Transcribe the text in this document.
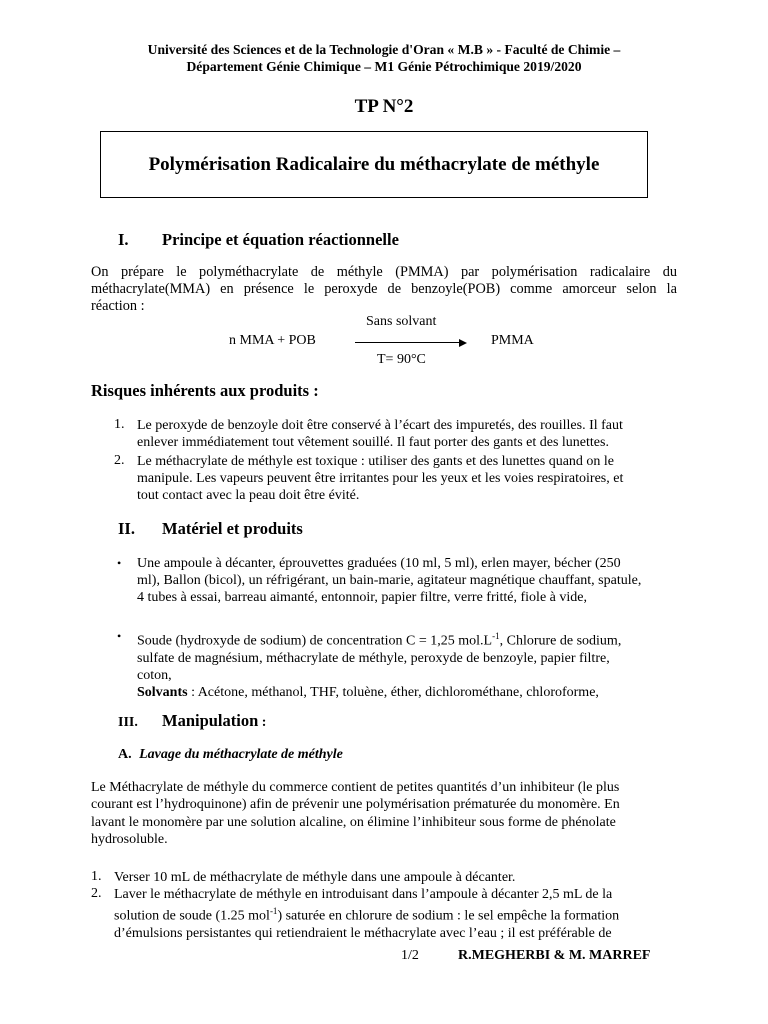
Université des Sciences et de la Technologie d'Oran « M.B » - Faculté de Chimie –
Département Génie Chimique – M1 Génie Pétrochimique 2019/2020
TP N°2
Polymérisation Radicalaire du méthacrylate de méthyle
I. Principe et équation réactionnelle
On prépare le polyméthacrylate de méthyle (PMMA) par polymérisation radicalaire du
méthacrylate(MMA) en présence le peroxyde de benzoyle(POB) comme amorceur selon la
réaction :
Sans solvant
n MMA + POB	PMMA
T= 90°C
Risques inhérents aux produits :
1. Le peroxyde de benzoyle doit être conservé à l’écart des impuretés, des rouilles. Il faut
enlever immédiatement tout vêtement souillé. Il faut porter des gants et des lunettes.
2. Le méthacrylate de méthyle est toxique : utiliser des gants et des lunettes quand on le
manipule. Les vapeurs peuvent être irritantes pour les yeux et les voies respiratoires, et
tout contact avec la peau doit être évité.
II. Matériel et produits
• Une ampoule à décanter, éprouvettes graduées (10 ml, 5 ml), erlen mayer, bécher (250
ml), Ballon (bicol), un réfrigérant, un bain-marie, agitateur magnétique chauffant, spatule,
4 tubes à essai, barreau aimanté, entonnoir, papier filtre, verre fritté, fiole à vide,
• Soude (hydroxyde de sodium) de concentration C = 1,25 $mol.L^{-1}$, Chlorure de sodium,
sulfate de magnésium, méthacrylate de méthyle, peroxyde de benzoyle, papier filtre,
coton,
Solvants : Acétone, méthanol, THF, toluène, éther, dichlorométhane, chloroforme,
III. Manipulation :
A. Lavage du méthacrylate de méthyle
Le Méthacrylate de méthyle du commerce contient de petites quantités d’un inhibiteur (le plus
courant est l’hydroquinone) afin de prévenir une polymérisation prématurée du monomère. En
lavant le monomère par une solution alcaline, on élimine l’inhibiteur sous forme de phénolate
hydrosoluble.
1. Verser 10 mL de méthacrylate de méthyle dans une ampoule à décanter.
2. Laver le méthacrylate de méthyle en introduisant dans l’ampoule à décanter 2,5 mL de la
solution de soude (1.25 mol$^{-1}$) saturée en chlorure de sodium : le sel empêche la formation
d’émulsions persistantes qui retiendraient le méthacrylate avec l’eau ; il est préférable de
1/2	R.MEGHERBI & M. MARREF
